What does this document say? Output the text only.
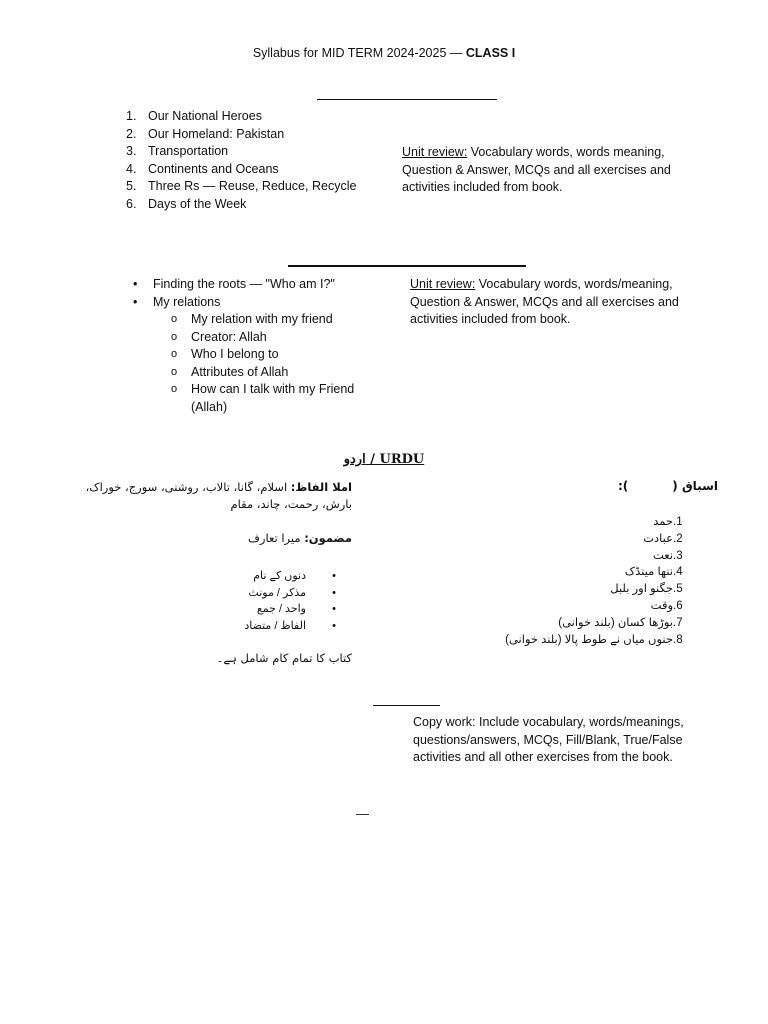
Syllabus for MID TERM 2024-2025 — CLASS I
1. Our National Heroes
2. Our Homeland: Pakistan
3. Transportation
4. Continents and Oceans
5. Three Rs — Reuse, Reduce, Recycle
6. Days of the Week
Unit review: Vocabulary words, words meaning, Question & Answer, MCQs and all exercises and activities included from book.
• Finding the roots — "Who am I?"
• My relations
o My relation with my friend
o Creator: Allah
o Who I belong to
o Attributes of Allah
o How can I talk with my Friend (Allah)
Unit review: Vocabulary words, words/meaning, Question & Answer, MCQs and all exercises and activities included from book.
اردو / URDU
اسباق ():
.1حمد
.2عبادت
.3نعت
.4ننھا مینڈک
.5جگنو اور بلبل
.6وقت
.7بوڑھا کسان (بلند خوانی)
.8جنوں میاں نے طوط پالا (بلند خوانی)
املا الفاظ: اسلام، گانا، تالاب، روشنی، سورج، خوراک، بارش، رحمت، چاند، مقام
مضمون: میرا تعارف
•
دنوں کے نام
•
مذکر / مونث
•
واحد / جمع
•
الفاظ / متضاد
کتاب کا تمام کام شامل ہے۔
Copy work: Include vocabulary, words/meanings, questions/answers, MCQs, Fill/Blank, True/False activities and all other exercises from the book.
—
